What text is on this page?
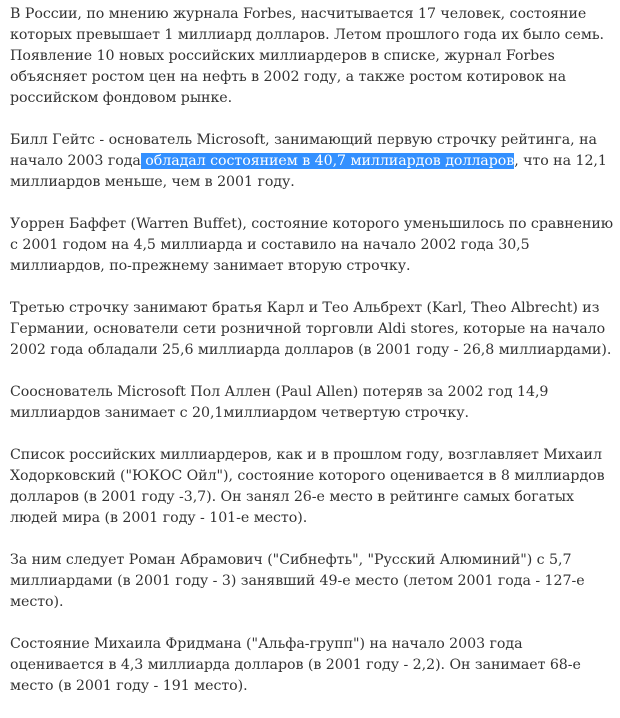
В России, по мнению журнала Forbes, насчитывается 17 человек, состояние которых превышает 1 миллиард долларов. Летом прошлого года их было семь. Появление 10 новых российских миллиардеров в списке, журнал Forbes объясняет ростом цен на нефть в 2002 году, а также ростом котировок на российском фондовом рынке.

Билл Гейтс - основатель Microsoft, занимающий первую строчку рейтинга, на начало 2003 года обладал состоянием в 40,7 миллиардов долларов, что на 12,1 миллиардов меньше, чем в 2001 году.

Уоррен Баффет (Warren Buffet), состояние которого уменьшилось по сравнению с 2001 годом на 4,5 миллиарда и составило на начало 2002 года 30,5 миллиардов, по-прежнему занимает вторую строчку.

Третью строчку занимают братья Карл и Тео Альбрехт (Karl, Theo Albrecht) из Германии, основатели сети розничной торговли Aldi stores, которые на начало 2002 года обладали 25,6 миллиарда долларов (в 2001 году - 26,8 миллиардами).

Сооснователь Microsoft Пол Аллен (Paul Allen) потеряв за 2002 год 14,9 миллиардов занимает с 20,1миллиардом четвертую строчку.

Список российских миллиардеров, как и в прошлом году, возглавляет Михаил Ходорковский ("ЮКОС Ойл"), состояние которого оценивается в 8 миллиардов долларов (в 2001 году -3,7). Он занял 26-е место в рейтинге самых богатых людей мира (в 2001 году - 101-е место).

За ним следует Роман Абрамович ("Сибнефть", "Русский Алюминий") с 5,7 миллиардами (в 2001 году - 3) занявший 49-е место (летом 2001 года - 127-е место).

Состояние Михаила Фридмана ("Альфа-групп") на начало 2003 года оценивается в 4,3 миллиарда долларов (в 2001 году - 2,2). Он занимает 68-е место (в 2001 году - 191 место).
